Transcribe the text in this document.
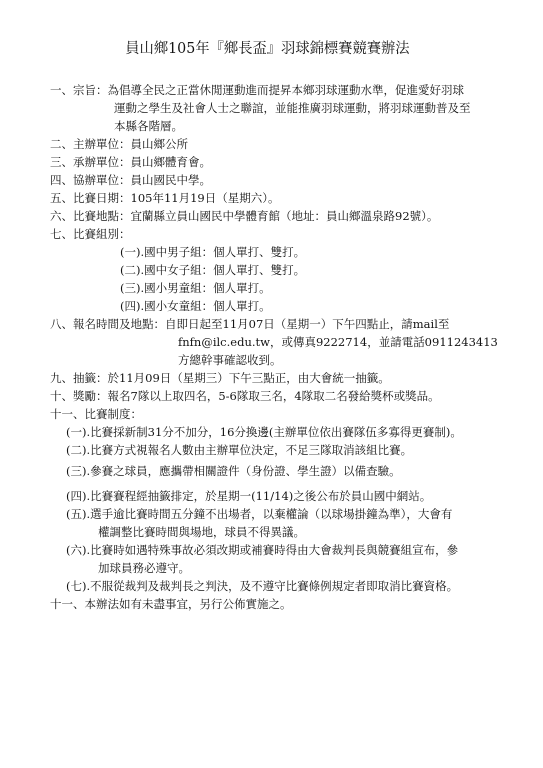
員山鄉105年『鄉長盃』羽球錦標賽競賽辦法
一、宗旨：為倡導全民之正當休閒運動進而提昇本鄉羽球運動水準，促進愛好羽球
運動之學生及社會人士之聯誼，並能推廣羽球運動，將羽球運動普及至
本縣各階層。
二、主辦單位：員山鄉公所
三、承辦單位：員山鄉體育會。
四、協辦單位：員山國民中學。
五、比賽日期：105年11月19日（星期六）。
六、比賽地點：宜蘭縣立員山國民中學體育館（地址：員山鄉溫泉路92號）。
七、比賽組別：
(一).國中男子組：個人單打、雙打。
(二).國中女子組：個人單打、雙打。
(三).國小男童組：個人單打。
(四).國小女童組：個人單打。
八、報名時間及地點：自即日起至11月07日（星期一）下午四點止，請mail至
fnfn@ilc.edu.tw，或傳真9222714，並請電話0911243413
方總幹事確認收到。
九、抽籤：於11月09日（星期三）下午三點正，由大會統一抽籤。
十、獎勵：報名7隊以上取四名，5-6隊取三名，4隊取二名發給獎杯或獎品。
十一、比賽制度：
(一).比賽採新制31分不加分，16分換邊(主辦單位依出賽隊伍多寡得更賽制)。
(二).比賽方式視報名人數由主辦單位決定，不足三隊取消該組比賽。
(三).參賽之球員，應攜帶相關證件（身份證、學生證）以備查驗。
(四).比賽賽程經抽籤排定，於星期一(11/14)之後公布於員山國中網站。
(五).選手逾比賽時間五分鐘不出場者，以棄權論（以球場掛鐘為準），大會有
權調整比賽時間與場地，球員不得異議。
(六).比賽時如遇特殊事故必須改期或補賽時得由大會裁判長與競賽組宣布，參
加球員務必遵守。
(七).不服從裁判及裁判長之判決，及不遵守比賽條例規定者即取消比賽資格。
十一、本辦法如有未盡事宜，另行公佈實施之。
